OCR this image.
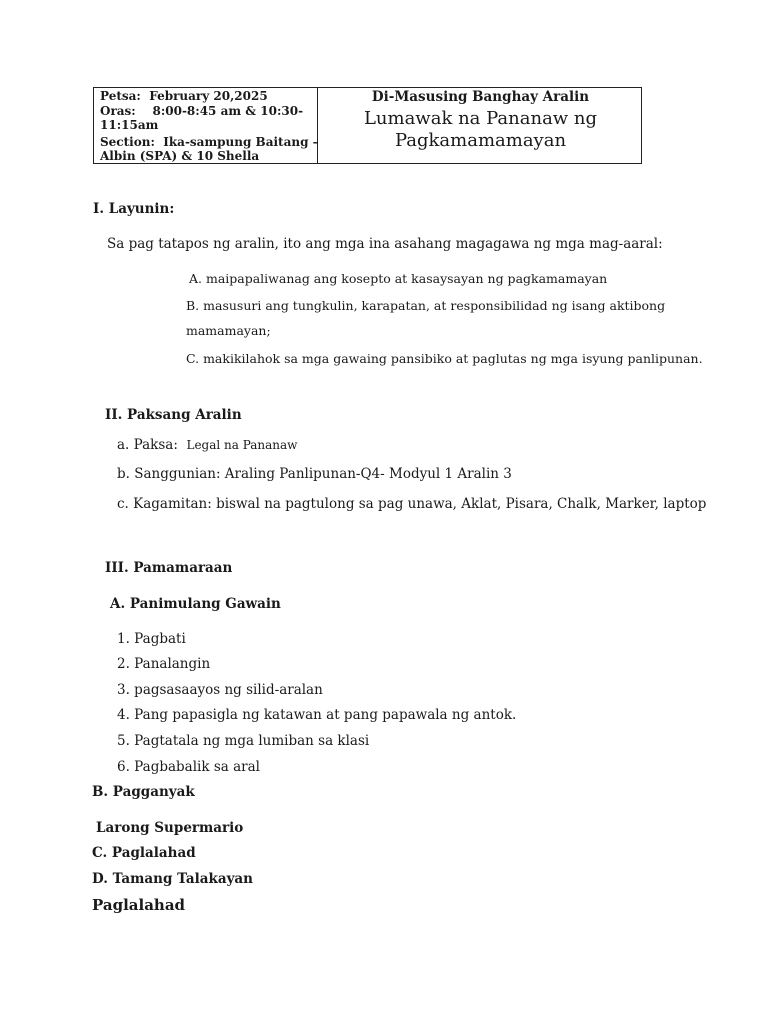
Petsa: February 20,2025
Oras: 8:00-8:45 am & 10:30-
11:15am
Section: Ika-sampung Baitang –
Albin (SPA) & 10 Shella
Di-Masusing Banghay Aralin
Lumawak na Pananaw ng
Pagkamamamayan
I. Layunin:
Sa pag tatapos ng aralin, ito ang mga ina asahang magagawa ng mga mag-aaral:
A. maipapaliwanag ang kosepto at kasaysayan ng pagkamamayan
B. masusuri ang tungkulin, karapatan, at responsibilidad ng isang aktibong
mamamayan;
C. makikilahok sa mga gawaing pansibiko at paglutas ng mga isyung panlipunan.
II. Paksang Aralin
a. Paksa: Legal na Pananaw
b. Sanggunian: Araling Panlipunan-Q4- Modyul 1 Aralin 3
c. Kagamitan: biswal na pagtulong sa pag unawa, Aklat, Pisara, Chalk, Marker, laptop
III. Pamamaraan
A. Panimulang Gawain
1. Pagbati
2. Panalangin
3. pagsasaayos ng silid-aralan
4. Pang papasigla ng katawan at pang papawala ng antok.
5. Pagtatala ng mga lumiban sa klasi
6. Pagbabalik sa aral
B. Pagganyak
Larong Supermario
C. Paglalahad
D. Tamang Talakayan
Paglalahad
